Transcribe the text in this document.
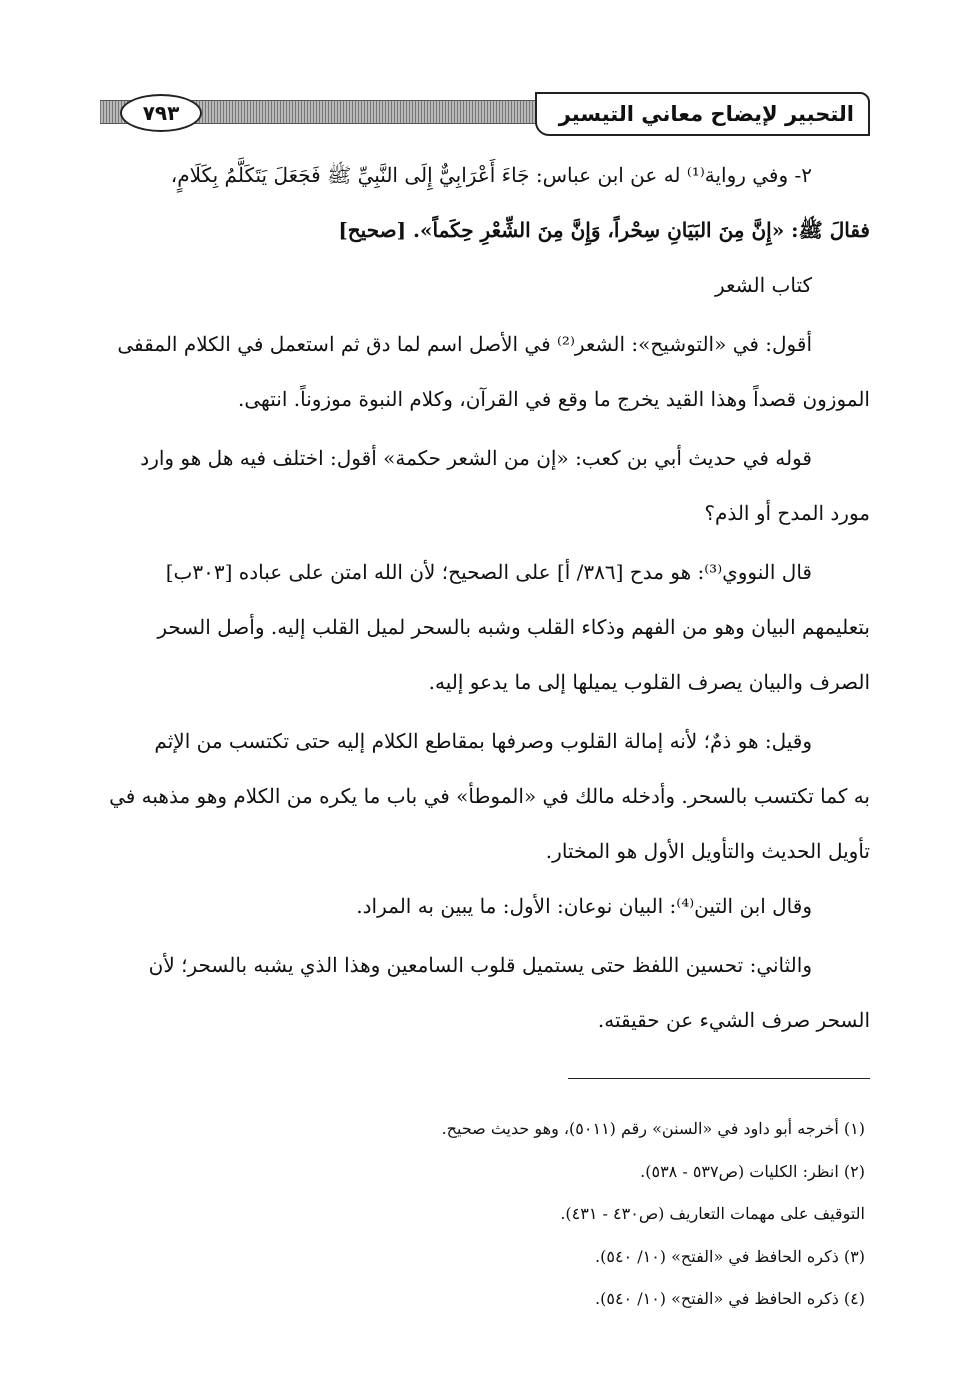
٧٩٣	التحبير لإيضاح معاني التيسير
٢- وفي رواية⁽¹⁾ له عن ابن عباس: جَاءَ أَعْرَابِيٌّ إِلَى النَّبِيِّ ﷺ فَجَعَلَ يَتَكَلَّمُ بِكَلَامٍ،
فقالَ ﷺ: «إِنَّ مِنَ البَيَانِ سِحْراً، وَإِنَّ مِنَ الشِّعْرِ حِكَماً». [صحيح]
كتاب الشعر
أقول: في «التوشيح»: الشعر⁽²⁾ في الأصل اسم لما دق ثم استعمل في الكلام المقفى
الموزون قصداً وهذا القيد يخرج ما وقع في القرآن، وكلام النبوة موزوناً. انتهى.
قوله في حديث أبي بن كعب: «إن من الشعر حكمة» أقول: اختلف فيه هل هو وارد
مورد المدح أو الذم؟
قال النووي⁽³⁾: هو مدح [٣٨٦/ أ] على الصحيح؛ لأن الله امتن على عباده [٣٠٣ب]
بتعليمهم البيان وهو من الفهم وذكاء القلب وشبه بالسحر لميل القلب إليه. وأصل السحر
الصرف والبيان يصرف القلوب يميلها إلى ما يدعو إليه.
وقيل: هو ذمٌ؛ لأنه إمالة القلوب وصرفها بمقاطع الكلام إليه حتى تكتسب من الإثم
به كما تكتسب بالسحر. وأدخله مالك في «الموطأ» في باب ما يكره من الكلام وهو مذهبه في
تأويل الحديث والتأويل الأول هو المختار.
وقال ابن التين⁽⁴⁾: البيان نوعان: الأول: ما يبين به المراد.
والثاني: تحسين اللفظ حتى يستميل قلوب السامعين وهذا الذي يشبه بالسحر؛ لأن
السحر صرف الشيء عن حقيقته.
(١) أخرجه أبو داود في «السنن» رقم (٥٠١١)، وهو حديث صحيح.
(٢) انظر: الكليات (ص٥٣٧ - ٥٣٨).
التوقيف على مهمات التعاريف (ص٤٣٠ - ٤٣١).
(٣) ذكره الحافظ في «الفتح» (١٠/ ٥٤٠).
(٤) ذكره الحافظ في «الفتح» (١٠/ ٥٤٠).
